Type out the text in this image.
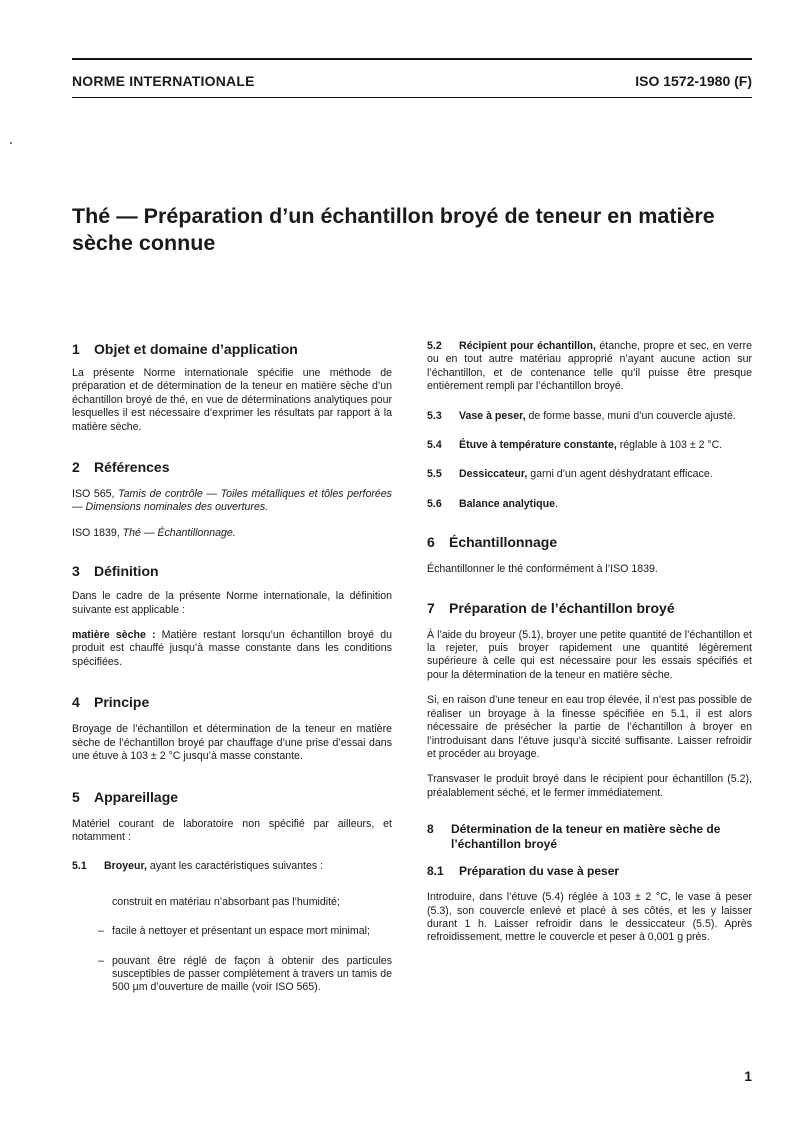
NORME INTERNATIONALE	ISO 1572-1980 (F)
Thé — Préparation d’un échantillon broyé de teneur en matière sèche connue
1 Objet et domaine d’application

La présente Norme internationale spécifie une méthode de préparation et de détermination de la teneur en matière sèche d’un échantillon broyé de thé, en vue de déterminations analytiques pour lesquelles il est nécessaire d’exprimer les résultats par rapport à la matière sèche.

2 Références

ISO 565, Tamis de contrôle — Toiles métalliques et tôles perforées — Dimensions nominales des ouvertures.

ISO 1839, Thé — Échantillonnage.

3 Définition

Dans le cadre de la présente Norme internationale, la définition suivante est applicable :

matière sèche : Matière restant lorsqu’un échantillon broyé du produit est chauffé jusqu’à masse constante dans les conditions spécifiées.

4 Principe

Broyage de l’échantillon et détermination de la teneur en matière sèche de l’échantillon broyé par chauffage d’une prise d’essai dans une étuve à 103 ± 2 °C jusqu’à masse constante.

5 Appareillage

Matériel courant de laboratoire non spécifié par ailleurs, et notamment :

5.1 Broyeur, ayant les caractéristiques suivantes :

construit en matériau n’absorbant pas l’humidité;

– facile à nettoyer et présentant un espace mort minimal;

– pouvant être réglé de façon à obtenir des particules susceptibles de passer complètement à travers un tamis de 500 µm d’ouverture de maille (voir ISO 565).

5.2 Récipient pour échantillon, étanche, propre et sec, en verre ou en tout autre matériau approprié n’ayant aucune action sur l’échantillon, et de contenance telle qu’il puisse être presque entièrement rempli par l’échantillon broyé.

5.3 Vase à peser, de forme basse, muni d’un couvercle ajusté.

5.4 Étuve à température constante, réglable à 103 ± 2 °C.

5.5 Dessiccateur, garni d’un agent déshydratant efficace.

5.6 Balance analytique.

6 Échantillonnage

Échantillonner le thé conformément à l’ISO 1839.

7 Préparation de l’échantillon broyé

À l’aide du broyeur (5.1), broyer une petite quantité de l’échantillon et la rejeter, puis broyer rapidement une quantité légèrement supérieure à celle qui est nécessaire pour les essais spécifiés et pour la détermination de la teneur en matière sèche.

Si, en raison d’une teneur en eau trop élevée, il n’est pas possible de réaliser un broyage à la finesse spécifiée en 5.1, il est alors nécessaire de présécher la partie de l’échantillon à broyer en l’introduisant dans l’étuve jusqu’à siccité suffisante. Laisser refroidir et procéder au broyage.

Transvaser le produit broyé dans le récipient pour échantillon (5.2), préalablement séché, et le fermer immédiatement.

8	Détermination de la teneur en matière sèche de l’échantillon broyé
8.1 Préparation du vase à peser

Introduire, dans l’étuve (5.4) réglée à 103 ± 2 °C, le vase à peser (5.3), son couvercle enlevé et placé à ses côtés, et les y laisser durant 1 h. Laisser refroidir dans le dessiccateur (5.5). Après refroidissement, mettre le couvercle et peser à 0,001 g près.

1
